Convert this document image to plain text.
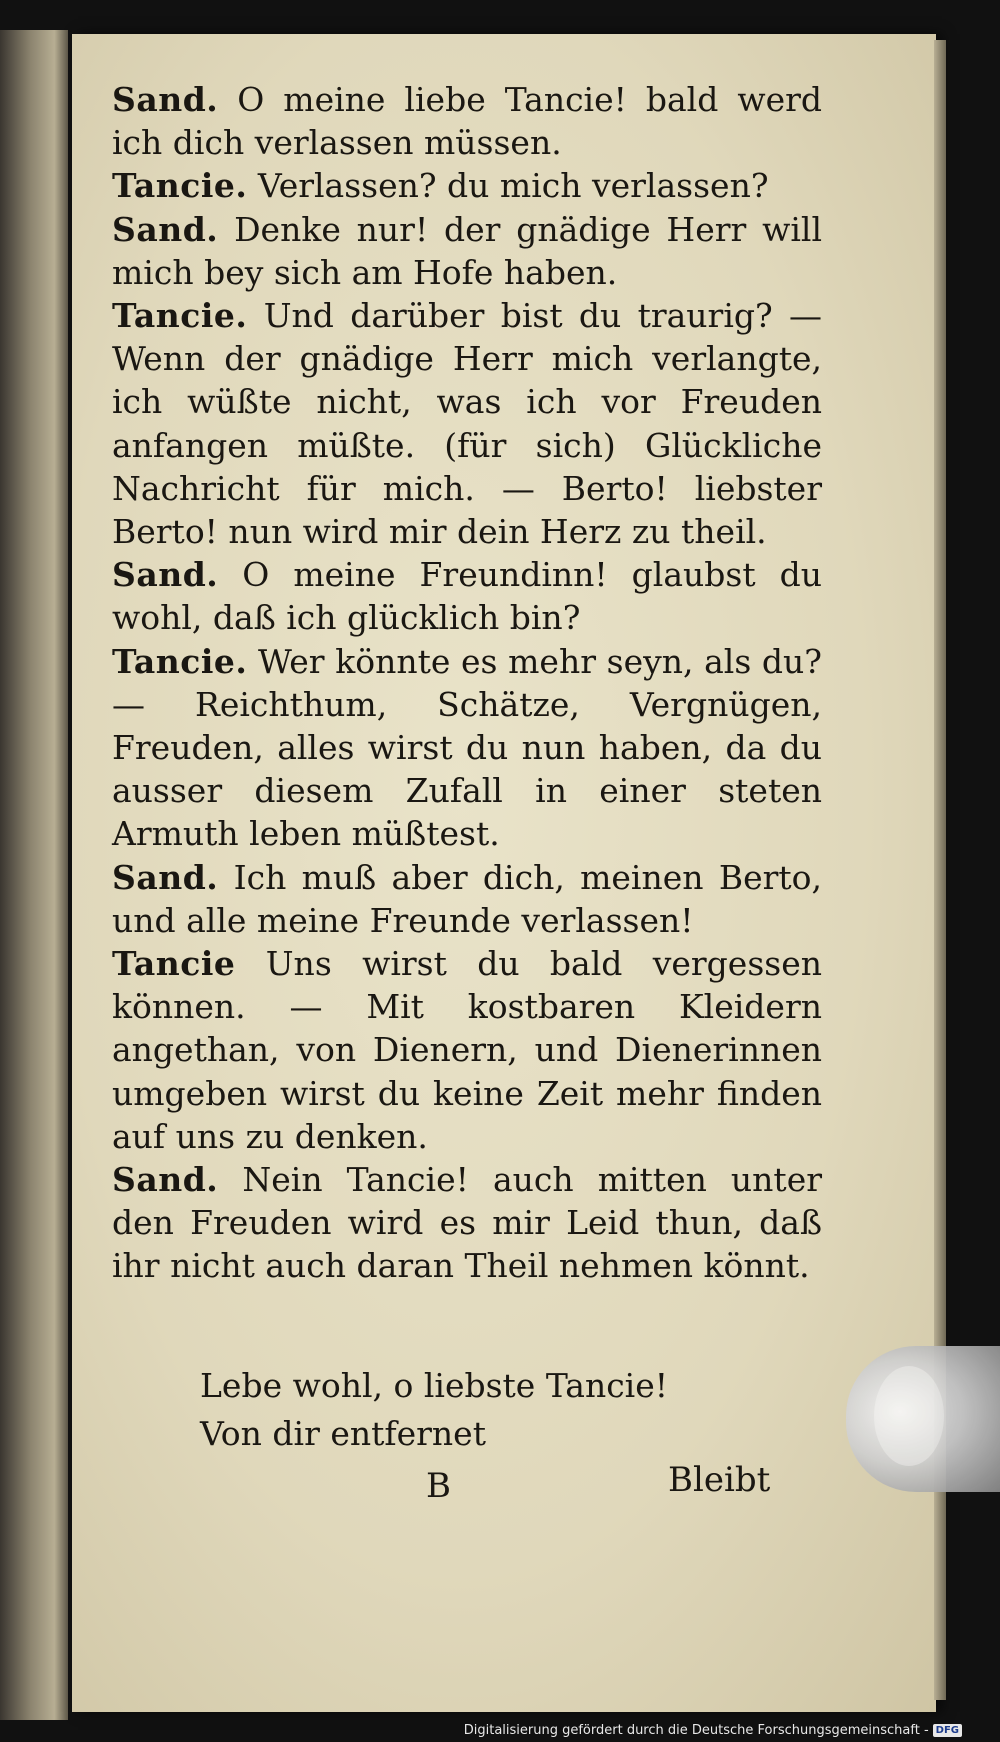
Sand. O meine liebe Tancie! bald werd ich dich verlassen müssen.

Tancie. Verlassen? du mich verlassen?

Sand. Denke nur! der gnädige Herr will mich bey sich am Hofe haben.

Tancie. Und darüber bist du traurig? — Wenn der gnädige Herr mich verlangte, ich wüßte nicht, was ich vor Freuden anfangen müßte. (für sich) Glückliche Nachricht für mich. — Berto! liebster Berto! nun wird mir dein Herz zu theil.

Sand. O meine Freundinn! glaubst du wohl, daß ich glücklich bin?

Tancie. Wer könnte es mehr seyn, als du? — Reichthum, Schätze, Vergnügen, Freuden, alles wirst du nun haben, da du ausser diesem Zufall in einer steten Armuth leben müßtest.

Sand. Ich muß aber dich, meinen Berto, und alle meine Freunde verlassen!

Tancie Uns wirst du bald vergessen können. — Mit kostbaren Kleidern angethan, von Dienern, und Dienerinnen umgeben wirst du keine Zeit mehr finden auf uns zu denken.

Sand. Nein Tancie! auch mitten unter den Freuden wird es mir Leid thun, daß ihr nicht auch daran Theil nehmen könnt.

Lebe wohl, o liebste Tancie!
Von dir entfernet
B	Bleibt
Digitalisierung gefördert durch die Deutsche Forschungsgemeinschaft - DFG
